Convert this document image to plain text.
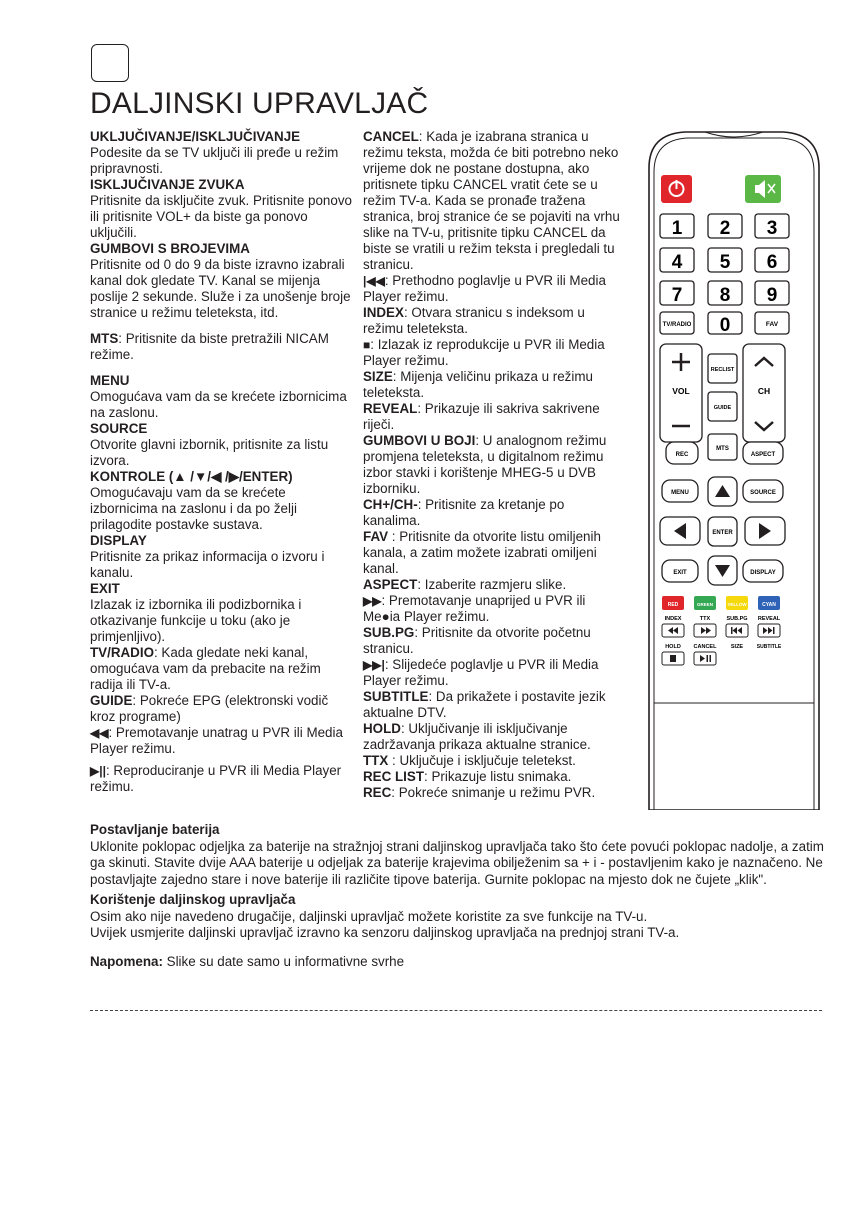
DALJINSKI UPRAVLJAČ

UKLJUČIVANJE/ISKLJUČIVANJE
Podesite da se TV uključi ili pređe u režim pripravnosti.

ISKLJUČIVANJE ZVUKA
Pritisnite da isključite zvuk. Pritisnite ponovo ili pritisnite VOL+ da biste ga ponovo uključili.

GUMBOVI S BROJEVIMA
Pritisnite od 0 do 9 da biste izravno izabrali kanal dok gledate TV. Kanal se mijenja poslije 2 sekunde. Služe i za unošenje broje stranice u režimu teleteksta, itd.

MTS: Pritisnite da biste pretražili NICAM režime.

MENU
Omogućava vam da se krećete izbornicima na zaslonu.

SOURCE
Otvorite glavni izbornik, pritisnite za listu izvora.

KONTROLE (▲ /▼/◀ /▶/ENTER)
Omogućavaju vam da se krećete izbornicima na zaslonu i da po želji prilagodite postavke sustava.

DISPLAY
Pritisnite za prikaz informacija o izvoru i kanalu.

EXIT
Izlazak iz izbornika ili podizbornika i otkazivanje funkcije u toku (ako je primjenljivo).

TV/RADIO: Kada gledate neki kanal, omogućava vam da prebacite na režim radija ili TV-a.

GUIDE: Pokreće EPG (elektronski vodič kroz programe)

◀◀: Premotavanje unatrag u PVR ili Media Player režimu.

▶||: Reproduciranje u PVR ili Media Player režimu.

CANCEL: Kada je izabrana stranica u režimu teksta, možda će biti potrebno neko vrijeme dok ne postane dostupna, ako pritisnete tipku CANCEL vratit ćete se u režim TV-a. Kada se pronađe tražena stranica, broj stranice će se pojaviti na vrhu slike na TV-u, pritisnite tipku CANCEL da biste se vratili u režim teksta i pregledali tu stranicu.

|◀◀: Prethodno poglavlje u PVR ili Media Player režimu.

INDEX: Otvara stranicu s indeksom u režimu teleteksta.

■: Izlazak iz reprodukcije u PVR ili Media Player režimu.

SIZE: Mijenja veličinu prikaza u režimu teleteksta.

REVEAL: Prikazuje ili sakriva sakrivene riječi.

GUMBOVI U BOJI: U analognom režimu promjena teleteksta, u digitalnom režimu izbor stavki i korištenje MHEG-5 u DVB izborniku.

CH+/CH-: Pritisnite za kretanje po kanalima.

FAV : Pritisnite da otvorite listu omiljenih kanala, a zatim možete izabrati omiljeni kanal.

ASPECT: Izaberite razmjeru slike.

▶▶: Premotavanje unaprijed u PVR ili Me●ia Player režimu.

SUB.PG: Pritisnite da otvorite početnu stranicu.

▶▶|: Slijedeće poglavlje u PVR ili Media Player režimu.

SUBTITLE: Da prikažete i postavite jezik aktualne DTV.

HOLD: Uključivanje ili isključivanje zadržavanja prikaza aktualne stranice.

TTX : Uključuje i isključuje teletekst.

REC LIST: Prikazuje listu snimaka.

REC: Pokreće snimanje u režimu PVR.

1 2 3
4 5 6
7 8 9
TV/RADIO 0	FAV
VOL
RECLIST
GUIDE
CH
REC
MTS
ASPECT
MENU	SOURCE
ENTER
EXIT	DISPLAY
RED	GREEN	YELLOW	CYAN
INDEX	TTX	SUB.PG REVEAL
HOLD CANCEL	SIZE	SUBTITLE

Postavljanje baterija

Uklonite poklopac odjeljka za baterije na stražnjoj strani daljinskog upravljača tako što ćete povući poklopac nadolje, a zatim ga skinuti. Stavite dvije AAA baterije u odjeljak za baterije krajevima obilježenim sa + i - postavljenim kako je naznačeno. Ne postavljajte zajedno stare i nove baterije ili različite tipove baterija. Gurnite poklopac na mjesto dok ne čujete „klik".

Korištenje daljinskog upravljača

Osim ako nije navedeno drugačije, daljinski upravljač možete koristite za sve funkcije na TV-u.

Uvijek usmjerite daljinski upravljač izravno ka senzoru daljinskog upravljača na prednjoj strani TV-a.

Napomena: Slike su date samo u informativne svrhe
